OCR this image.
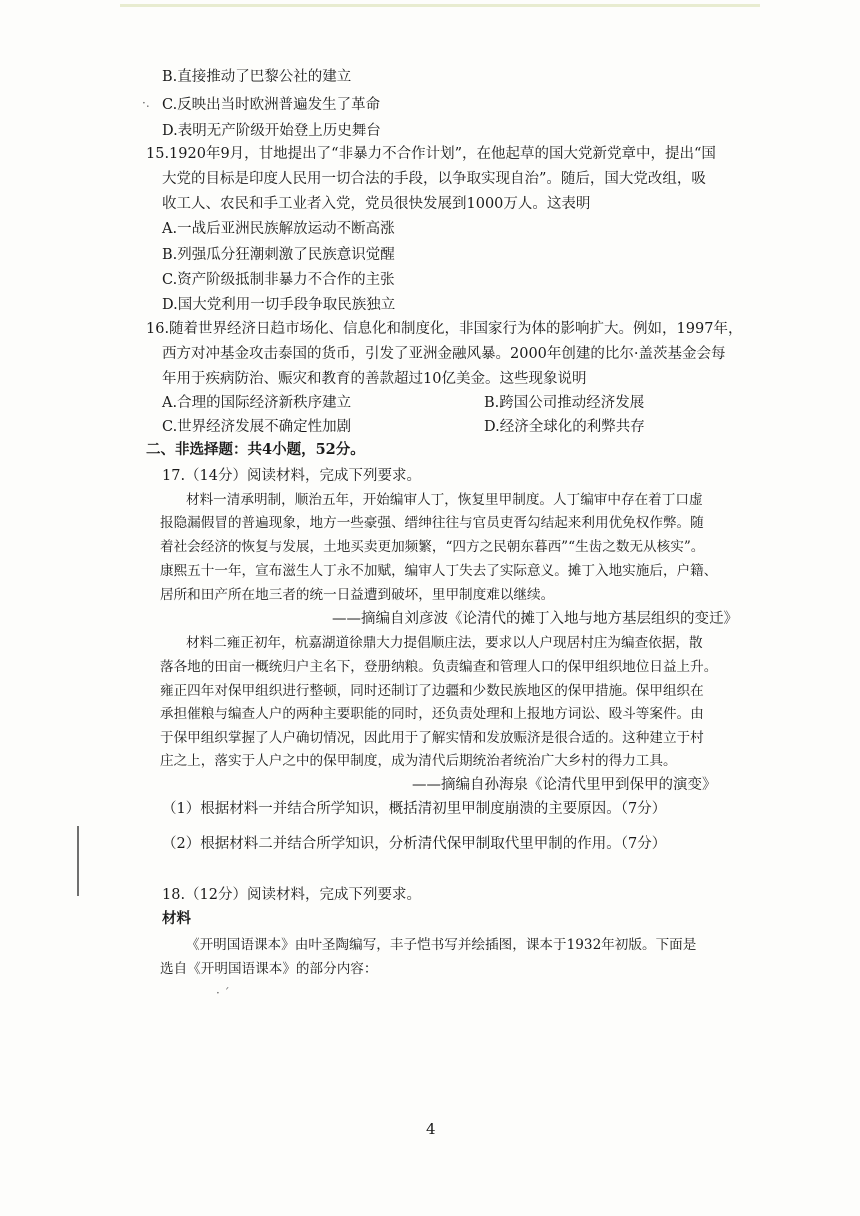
B.直接推动了巴黎公社的建立
C.反映出当时欧洲普遍发生了革命
D.表明无产阶级开始登上历史舞台
·.
15.1920年9月，甘地提出了“非暴力不合作计划”，在他起草的国大党新党章中，提出“国
大党的目标是印度人民用一切合法的手段，以争取实现自治”。随后，国大党改组，吸
收工人、农民和手工业者入党，党员很快发展到1000万人。这表明
A.一战后亚洲民族解放运动不断高涨
B.列强瓜分狂潮刺激了民族意识觉醒
C.资产阶级抵制非暴力不合作的主张
D.国大党利用一切手段争取民族独立
16.随着世界经济日趋市场化、信息化和制度化，非国家行为体的影响扩大。例如，1997年，
西方对冲基金攻击泰国的货币，引发了亚洲金融风暴。2000年创建的比尔·盖茨基金会每
年用于疾病防治、赈灾和教育的善款超过10亿美金。这些现象说明
A.合理的国际经济新秩序建立	B.跨国公司推动经济发展
C.世界经济发展不确定性加剧	D.经济全球化的利弊共存
二、非选择题：共4小题，52分。
17.（14分）阅读材料，完成下列要求。
材料一清承明制，顺治五年，开始编审人丁，恢复里甲制度。人丁编审中存在着丁口虚
报隐漏假冒的普遍现象，地方一些豪强、缙绅往往与官员吏胥勾结起来利用优免权作弊。随
着社会经济的恢复与发展，土地买卖更加频繁，“四方之民朝东暮西”“生齿之数无从核实”。
康熙五十一年，宣布滋生人丁永不加赋，编审人丁失去了实际意义。摊丁入地实施后，户籍、
居所和田产所在地三者的统一日益遭到破坏，里甲制度难以继续。
——摘编自刘彦波《论清代的摊丁入地与地方基层组织的变迁》
材料二雍正初年，杭嘉湖道徐鼎大力提倡顺庄法，要求以人户现居村庄为编查依据，散
落各地的田亩一概统归户主名下，登册纳粮。负责编查和管理人口的保甲组织地位日益上升。
雍正四年对保甲组织进行整顿，同时还制订了边疆和少数民族地区的保甲措施。保甲组织在
承担催粮与编查人户的两种主要职能的同时，还负责处理和上报地方词讼、殴斗等案件。由
于保甲组织掌握了人户确切情况，因此用于了解实情和发放赈济是很合适的。这种建立于村
庄之上，落实于人户之中的保甲制度，成为清代后期统治者统治广大乡村的得力工具。
——摘编自孙海泉《论清代里甲到保甲的演变》
（1）根据材料一并结合所学知识，概括清初里甲制度崩溃的主要原因。（7分）
（2）根据材料二并结合所学知识，分析清代保甲制取代里甲制的作用。（7分）
18.（12分）阅读材料，完成下列要求。
材料
《开明国语课本》由叶圣陶编写，丰子恺书写并绘插图，课本于1932年初版。下面是
选自《开明国语课本》的部分内容：
· ˊ
4
